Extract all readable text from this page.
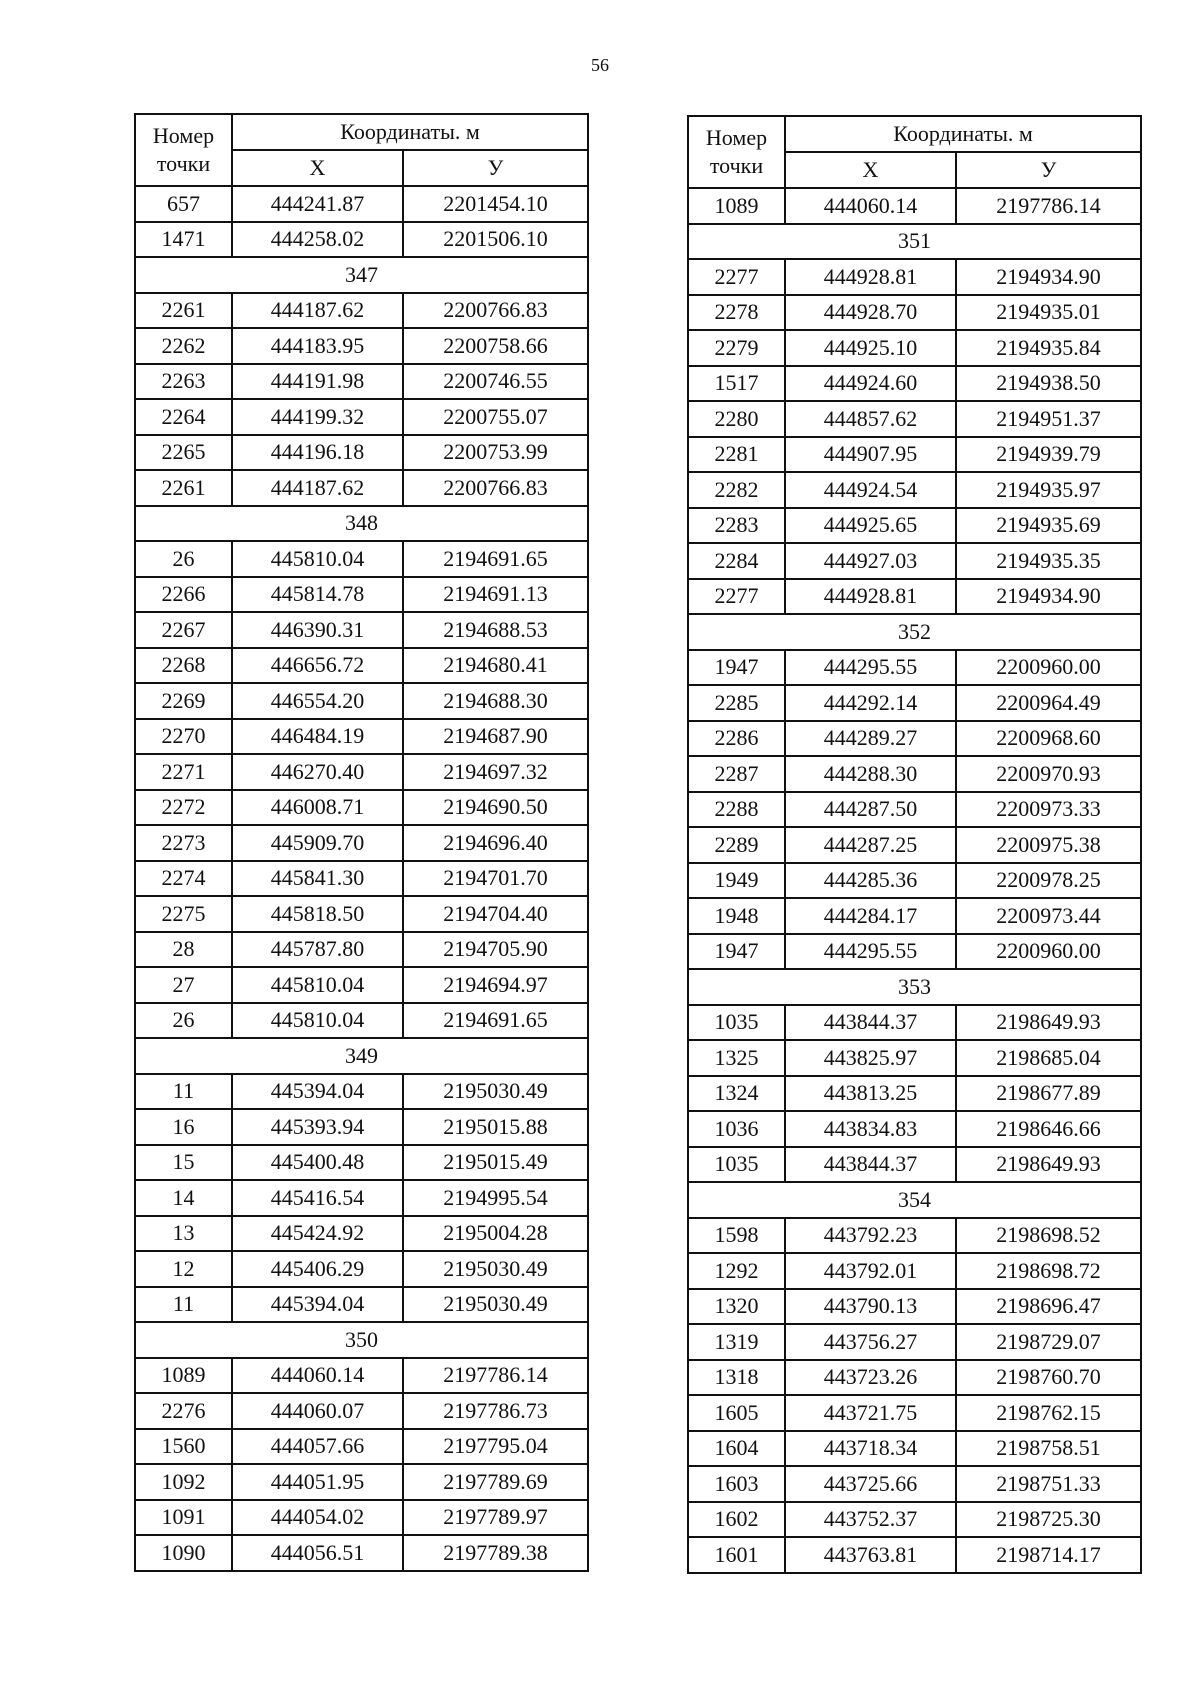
56
Номер
точки	Координаты. м	
	Х	У
657	444241.87	2201454.10
1471	444258.02	2201506.10
347		
2261	444187.62	2200766.83
2262	444183.95	2200758.66
2263	444191.98	2200746.55
2264	444199.32	2200755.07
2265	444196.18	2200753.99
2261	444187.62	2200766.83
348		
26	445810.04	2194691.65
2266	445814.78	2194691.13
2267	446390.31	2194688.53
2268	446656.72	2194680.41
2269	446554.20	2194688.30
2270	446484.19	2194687.90
2271	446270.40	2194697.32
2272	446008.71	2194690.50
2273	445909.70	2194696.40
2274	445841.30	2194701.70
2275	445818.50	2194704.40
28	445787.80	2194705.90
27	445810.04	2194694.97
26	445810.04	2194691.65
349		
11	445394.04	2195030.49
16	445393.94	2195015.88
15	445400.48	2195015.49
14	445416.54	2194995.54
13	445424.92	2195004.28
12	445406.29	2195030.49
11	445394.04	2195030.49
350		
1089	444060.14	2197786.14
2276	444060.07	2197786.73
1560	444057.66	2197795.04
1092	444051.95	2197789.69
1091	444054.02	2197789.97
1090	444056.51	2197789.38
Номер
точки	Координаты. м	
	Х	У
1089	444060.14	2197786.14
351		
2277	444928.81	2194934.90
2278	444928.70	2194935.01
2279	444925.10	2194935.84
1517	444924.60	2194938.50
2280	444857.62	2194951.37
2281	444907.95	2194939.79
2282	444924.54	2194935.97
2283	444925.65	2194935.69
2284	444927.03	2194935.35
2277	444928.81	2194934.90
352		
1947	444295.55	2200960.00
2285	444292.14	2200964.49
2286	444289.27	2200968.60
2287	444288.30	2200970.93
2288	444287.50	2200973.33
2289	444287.25	2200975.38
1949	444285.36	2200978.25
1948	444284.17	2200973.44
1947	444295.55	2200960.00
353		
1035	443844.37	2198649.93
1325	443825.97	2198685.04
1324	443813.25	2198677.89
1036	443834.83	2198646.66
1035	443844.37	2198649.93
354		
1598	443792.23	2198698.52
1292	443792.01	2198698.72
1320	443790.13	2198696.47
1319	443756.27	2198729.07
1318	443723.26	2198760.70
1605	443721.75	2198762.15
1604	443718.34	2198758.51
1603	443725.66	2198751.33
1602	443752.37	2198725.30
1601	443763.81	2198714.17
